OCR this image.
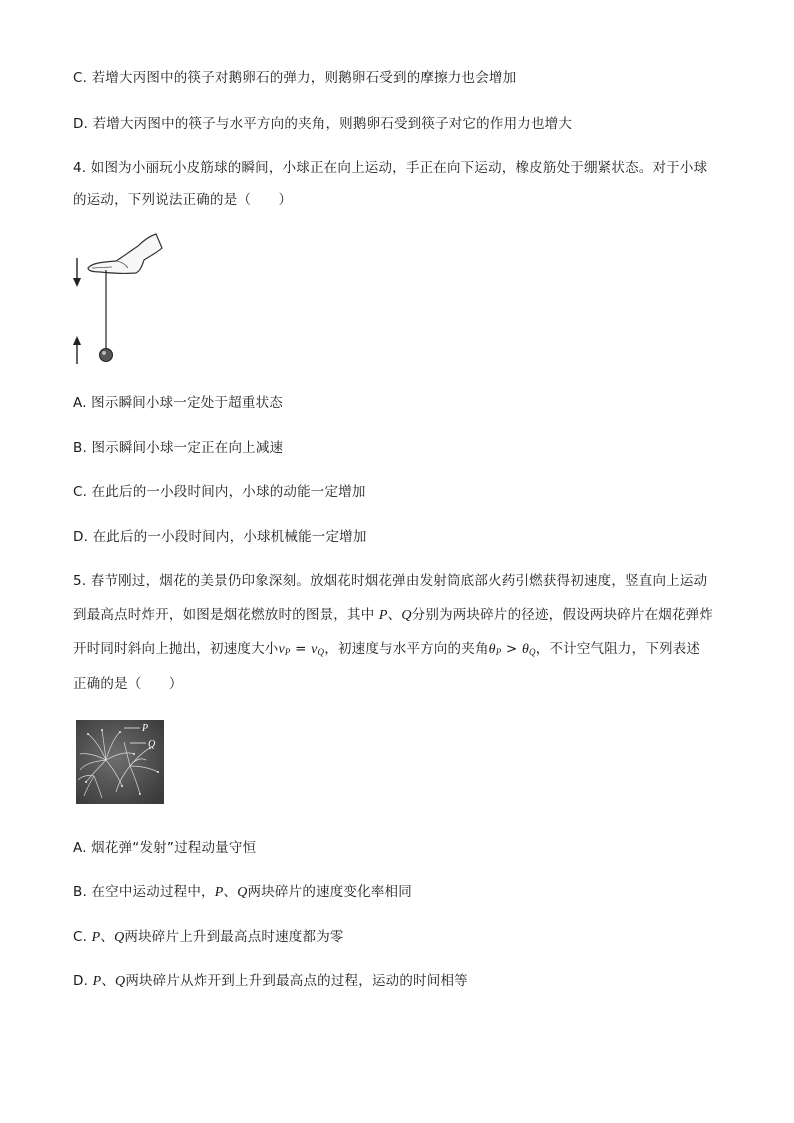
C. 若增大丙图中的筷子对鹅卵石的弹力，则鹅卵石受到的摩擦力也会增加
D. 若增大丙图中的筷子与水平方向的夹角，则鹅卵石受到筷子对它的作用力也增大
4. 如图为小丽玩小皮筋球的瞬间，小球正在向上运动，手正在向下运动，橡皮筋处于绷紧状态。对于小球
的运动，下列说法正确的是（　　）
A. 图示瞬间小球一定处于超重状态
B. 图示瞬间小球一定正在向上减速
C. 在此后的一小段时间内，小球的动能一定增加
D. 在此后的一小段时间内，小球机械能一定增加
5. 春节刚过，烟花的美景仍印象深刻。放烟花时烟花弹由发射筒底部火药引燃获得初速度，竖直向上运动
到最高点时炸开，如图是烟花燃放时的图景，其中 P、Q分别为两块碎片的径迹，假设两块碎片在烟花弹炸
开时同时斜向上抛出，初速度大小vP = vQ，初速度与水平方向的夹角θP > θQ，不计空气阻力，下列表述
正确的是（　　）
P
Q
A. 烟花弹“发射”过程动量守恒
B. 在空中运动过程中，P、Q两块碎片的速度变化率相同
C. P、Q两块碎片上升到最高点时速度都为零
D. P、Q两块碎片从炸开到上升到最高点的过程，运动的时间相等
